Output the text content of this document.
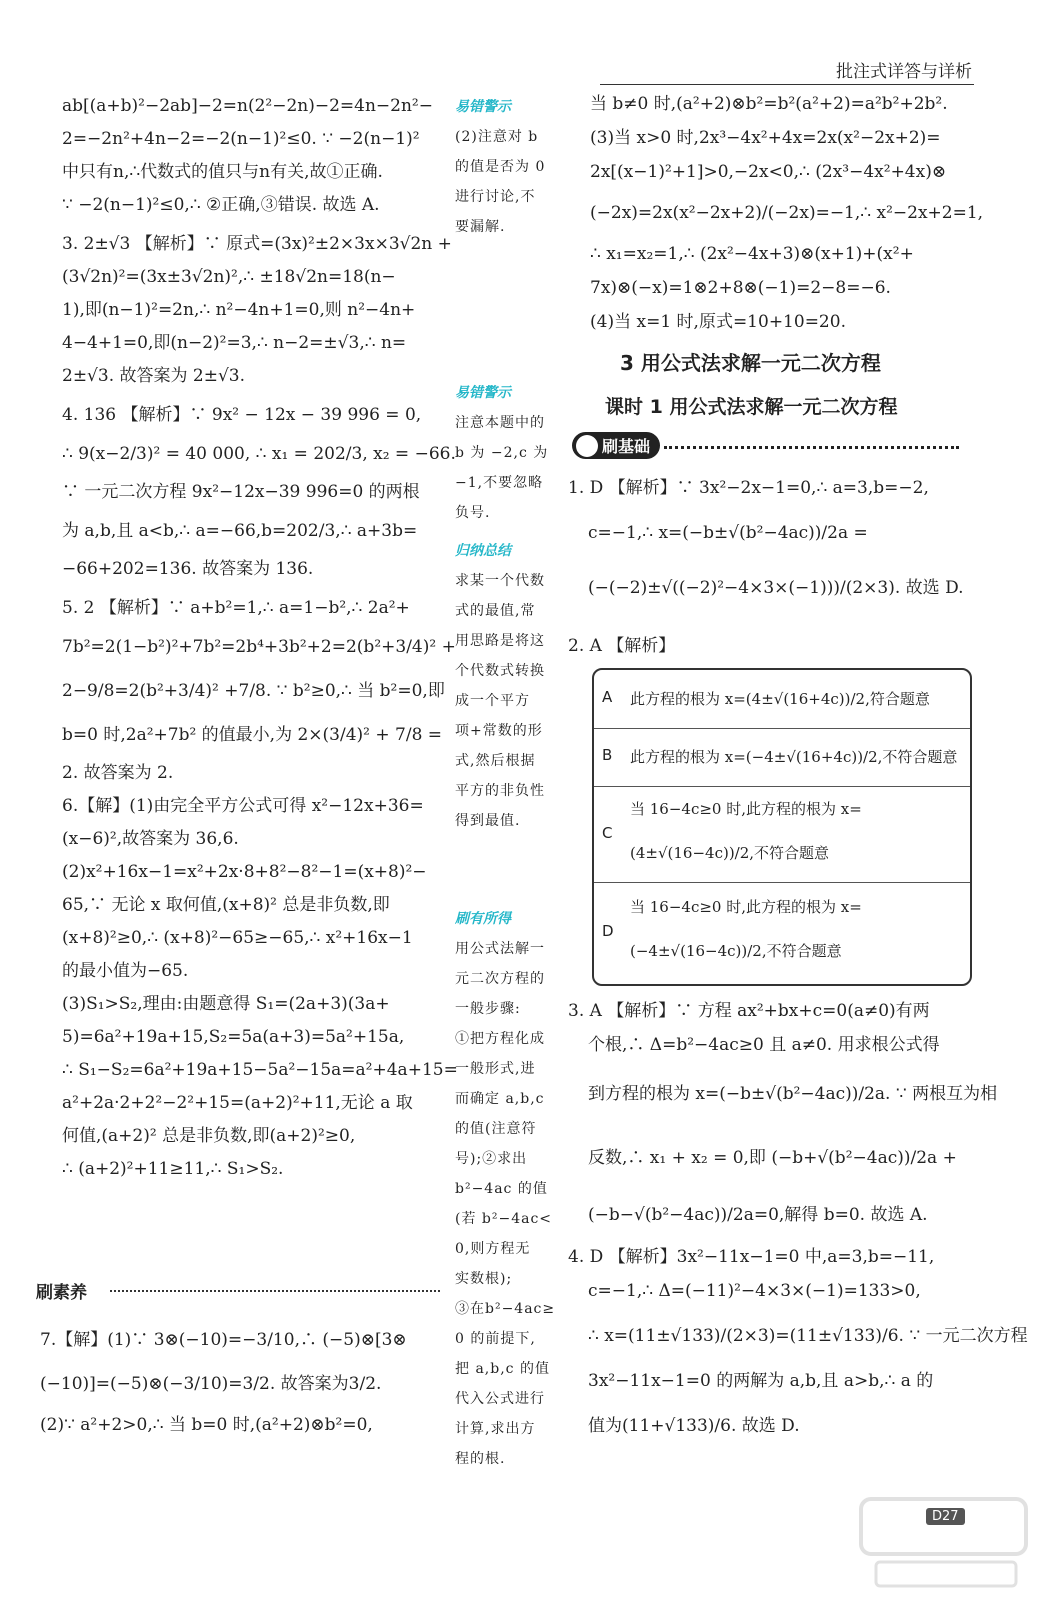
批注式详答与详析
ab[(a+b)²−2ab]−2=n(2²−2n)−2=4n−2n²−
2=−2n²+4n−2=−2(n−1)²≤0. ∵ −2(n−1)²
中只有n,∴代数式的值只与n有关,故①正确.
∵ −2(n−1)²≤0,∴ ②正确,③错误. 故选 A.
3. 2±√3 【解析】∵ 原式=(3x)²±2×3x×3√2n +
(3√2n)²=(3x±3√2n)²,∴ ±18√2n=18(n−
1),即(n−1)²=2n,∴ n²−4n+1=0,则 n²−4n+
4−4+1=0,即(n−2)²=3,∴ n−2=±√3,∴ n=
2±√3. 故答案为 2±√3.
4. 136 【解析】∵ 9x² − 12x − 39 996 = 0,
∴ 9(x−2/3)² = 40 000, ∴ x₁ = 202/3, x₂ = −66.
∵ 一元二次方程 9x²−12x−39 996=0 的两根
为 a,b,且 a<b,∴ a=−66,b=202/3,∴ a+3b=
−66+202=136. 故答案为 136.
5. 2 【解析】∵ a+b²=1,∴ a=1−b²,∴ 2a²+
7b²=2(1−b²)²+7b²=2b⁴+3b²+2=2(b²+3/4)² +
2−9/8=2(b²+3/4)² +7/8. ∵ b²≥0,∴ 当 b²=0,即
b=0 时,2a²+7b² 的值最小,为 2×(3/4)² + 7/8 =
2. 故答案为 2.
6.【解】(1)由完全平方公式可得 x²−12x+36=
(x−6)²,故答案为 36,6.
(2)x²+16x−1=x²+2x·8+8²−8²−1=(x+8)²−
65,∵ 无论 x 取何值,(x+8)² 总是非负数,即
(x+8)²≥0,∴ (x+8)²−65≥−65,∴ x²+16x−1
的最小值为−65.
(3)S₁>S₂,理由:由题意得 S₁=(2a+3)(3a+
5)=6a²+19a+15,S₂=5a(a+3)=5a²+15a,
∴ S₁−S₂=6a²+19a+15−5a²−15a=a²+4a+15=
a²+2a·2+2²−2²+15=(a+2)²+11,无论 a 取
何值,(a+2)² 总是非负数,即(a+2)²≥0,
∴ (a+2)²+11≥11,∴ S₁>S₂.
刷素养
7.【解】(1)∵ 3⊗(−10)=−3/10,∴ (−5)⊗[3⊗
(−10)]=(−5)⊗(−3/10)=3/2. 故答案为3/2.
(2)∵ a²+2>0,∴ 当 b=0 时,(a²+2)⊗b²=0,
易错警示
(2)注意对 b
的值是否为 0
进行讨论,不
要漏解.
易错警示
注意本题中的
b 为 −2,c 为
−1,不要忽略
负号.
归纳总结
求某一个代数
式的最值,常
用思路是将这
个代数式转换
成一个平方
项+常数的形
式,然后根据
平方的非负性
得到最值.
刷有所得
用公式法解一
元二次方程的
一般步骤:
①把方程化成
一般形式,进
而确定 a,b,c
的值(注意符
号);②求出
b²−4ac 的值
(若 b²−4ac<
0,则方程无
实数根);
③在b²−4ac≥
0 的前提下,
把 a,b,c 的值
代入公式进行
计算,求出方
程的根.
当 b≠0 时,(a²+2)⊗b²=b²(a²+2)=a²b²+2b².
(3)当 x>0 时,2x³−4x²+4x=2x(x²−2x+2)=
2x[(x−1)²+1]>0,−2x<0,∴ (2x³−4x²+4x)⊗
(−2x)=2x(x²−2x+2)/(−2x)=−1,∴ x²−2x+2=1,
∴ x₁=x₂=1,∴ (2x²−4x+3)⊗(x+1)+(x²+
7x)⊗(−x)=1⊗2+8⊗(−1)=2−8=−6.
(4)当 x=1 时,原式=10+10=20.
3 用公式法求解一元二次方程
课时 1 用公式法求解一元二次方程
刷基础
1. D 【解析】∵ 3x²−2x−1=0,∴ a=3,b=−2,
c=−1,∴ x=(−b±√(b²−4ac))/2a =
(−(−2)±√((−2)²−4×3×(−1)))/(2×3). 故选 D.
2. A 【解析】
A 此方程的根为 x=(4±√(16+4c))/2,符合题意
B 此方程的根为 x=(−4±√(16+4c))/2,不符合题意
C
当 16−4c≥0 时,此方程的根为 x=
(4±√(16−4c))/2,不符合题意
D
当 16−4c≥0 时,此方程的根为 x=
(−4±√(16−4c))/2,不符合题意
3. A 【解析】∵ 方程 ax²+bx+c=0(a≠0)有两
个根,∴ Δ=b²−4ac≥0 且 a≠0. 用求根公式得
到方程的根为 x=(−b±√(b²−4ac))/2a. ∵ 两根互为相
反数,∴ x₁ + x₂ = 0,即 (−b+√(b²−4ac))/2a +
(−b−√(b²−4ac))/2a=0,解得 b=0. 故选 A.
4. D 【解析】3x²−11x−1=0 中,a=3,b=−11,
c=−1,∴ Δ=(−11)²−4×3×(−1)=133>0,
∴ x=(11±√133)/(2×3)=(11±√133)/6. ∵ 一元二次方程
3x²−11x−1=0 的两解为 a,b,且 a>b,∴ a 的
值为(11+√133)/6. 故选 D.
D27
